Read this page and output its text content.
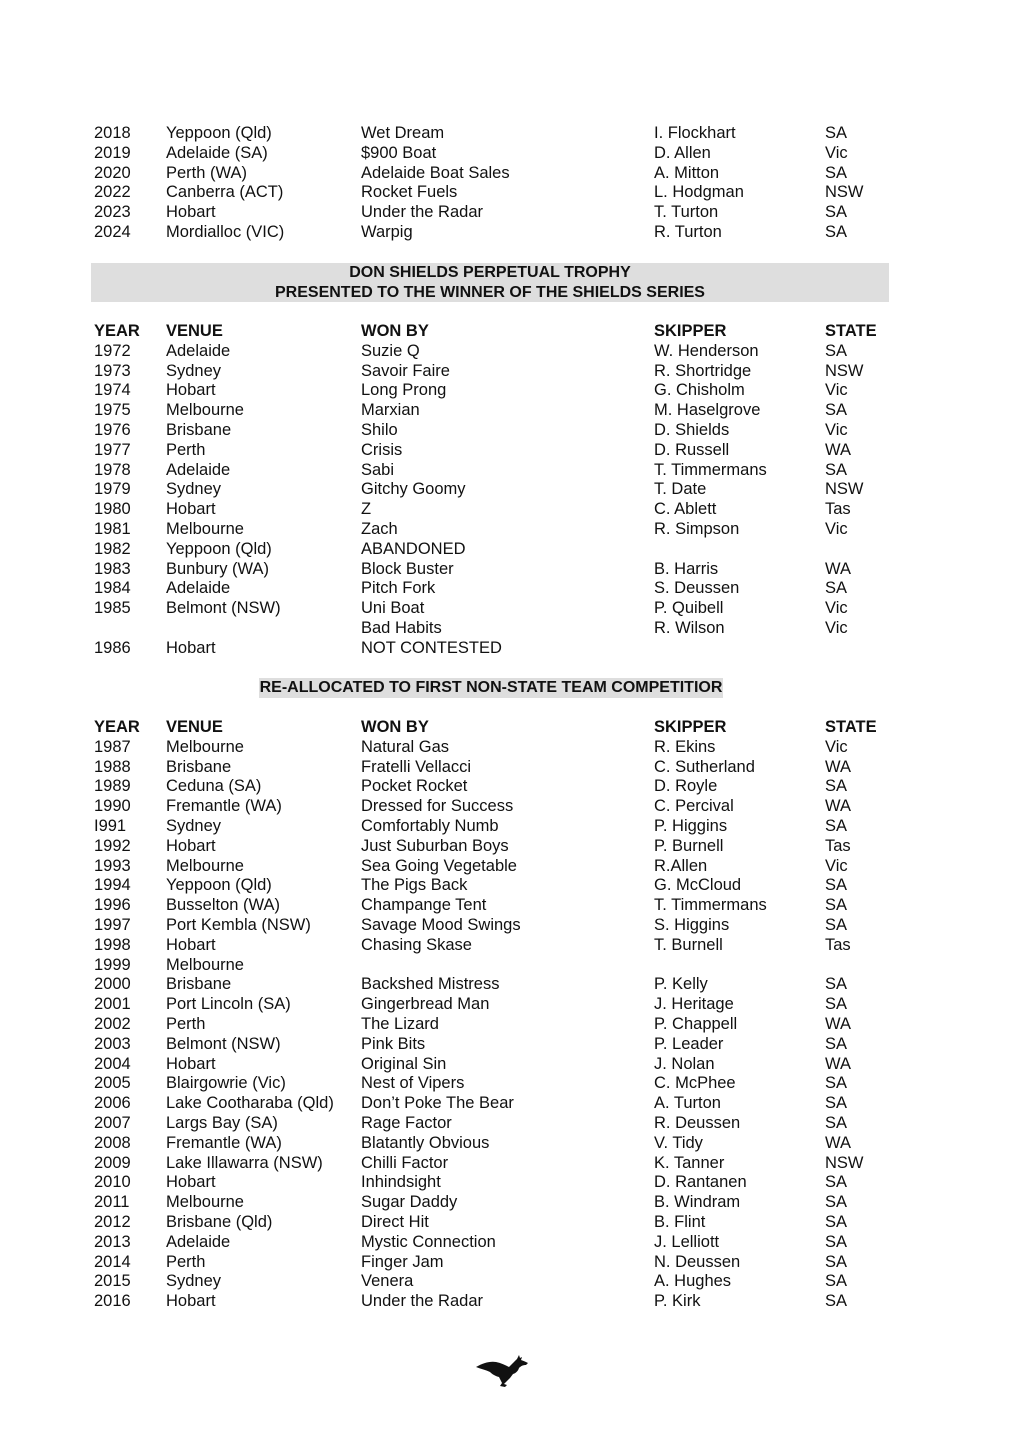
2018	Yeppoon (Qld)	Wet Dream	I. Flockhart	SA
2019	Adelaide (SA)	$900 Boat	D. Allen	Vic
2020	Perth (WA)	Adelaide Boat Sales	A. Mitton	SA
2022	Canberra (ACT)	Rocket Fuels	L. Hodgman	NSW
2023	Hobart	Under the Radar	T. Turton	SA
2024	Mordialloc (VIC)	Warpig	R. Turton	SA
DON SHIELDS PERPETUAL TROPHY
PRESENTED TO THE WINNER OF THE SHIELDS SERIES
YEAR	VENUE	WON BY	SKIPPER	STATE
1972	Adelaide	Suzie Q	W. Henderson	SA
1973	Sydney	Savoir Faire	R. Shortridge	NSW
1974	Hobart	Long Prong	G. Chisholm	Vic
1975	Melbourne	Marxian	M. Haselgrove	SA
1976	Brisbane	Shilo	D. Shields	Vic
1977	Perth	Crisis	D. Russell	WA
1978	Adelaide	Sabi	T. Timmermans	SA
1979	Sydney	Gitchy Goomy	T. Date	NSW
1980	Hobart	Z	C. Ablett	Tas
1981	Melbourne	Zach	R. Simpson	Vic
1982	Yeppoon (Qld)	ABANDONED		
1983	Bunbury (WA)	Block Buster	B. Harris	WA
1984	Adelaide	Pitch Fork	S. Deussen	SA
1985	Belmont (NSW)	Uni Boat	P. Quibell	Vic
		Bad Habits	R. Wilson	Vic
1986	Hobart	NOT CONTESTED		
RE-ALLOCATED TO FIRST NON-STATE TEAM COMPETITIOR
YEAR	VENUE	WON BY	SKIPPER	STATE
1987	Melbourne	Natural Gas	R. Ekins	Vic
1988	Brisbane	Fratelli Vellacci	C. Sutherland	WA
1989	Ceduna (SA)	Pocket Rocket	D. Royle	SA
1990	Fremantle (WA)	Dressed for Success	C. Percival	WA
I991	Sydney	Comfortably Numb	P. Higgins	SA
1992	Hobart	Just Suburban Boys	P. Burnell	Tas
1993	Melbourne	Sea Going Vegetable	R.Allen	Vic
1994	Yeppoon (Qld)	The Pigs Back	G. McCloud	SA
1996	Busselton (WA)	Champange Tent	T. Timmermans	SA
1997	Port Kembla (NSW)	Savage Mood Swings	S. Higgins	SA
1998	Hobart	Chasing Skase	T. Burnell	Tas
1999	Melbourne			
2000	Brisbane	Backshed Mistress	P. Kelly	SA
2001	Port Lincoln (SA)	Gingerbread Man	J. Heritage	SA
2002	Perth	The Lizard	P. Chappell	WA
2003	Belmont (NSW)	Pink Bits	P. Leader	SA
2004	Hobart	Original Sin	J. Nolan	WA
2005	Blairgowrie (Vic)	Nest of Vipers	C. McPhee	SA
2006	Lake Cootharaba (Qld)	Don’t Poke The Bear	A. Turton	SA
2007	Largs Bay (SA)	Rage Factor	R. Deussen	SA
2008	Fremantle (WA)	Blatantly Obvious	V. Tidy	WA
2009	Lake Illawarra (NSW)	Chilli Factor	K. Tanner	NSW
2010	Hobart	Inhindsight	D. Rantanen	SA
2011	Melbourne	Sugar Daddy	B. Windram	SA
2012	Brisbane (Qld)	Direct Hit	B. Flint	SA
2013	Adelaide	Mystic Connection	J. Lelliott	SA
2014	Perth	Finger Jam	N. Deussen	SA
2015	Sydney	Venera	A. Hughes	SA
2016	Hobart	Under the Radar	P. Kirk	SA
